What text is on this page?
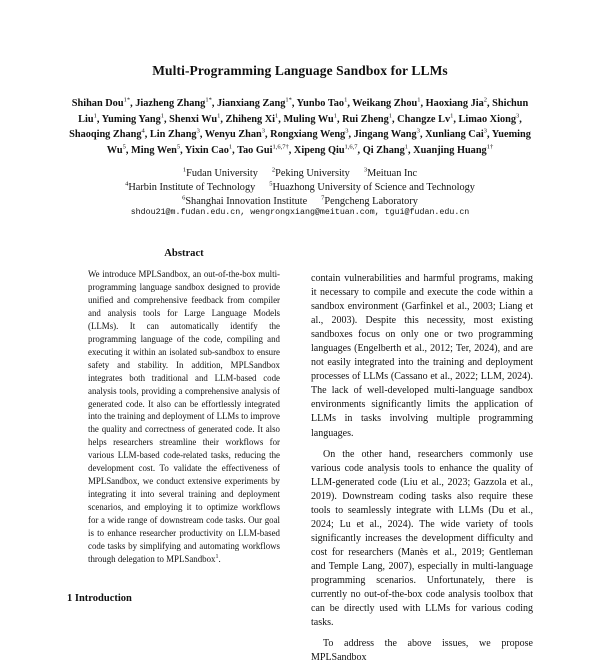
Multi-Programming Language Sandbox for LLMs
Shihan Dou$^{1*}$, Jiazheng Zhang$^{1*}$, Jianxiang Zang$^{1*}$, Yunbo Tao$^1$, Weikang Zhou$^1$, Haoxiang Jia$^2$, Shichun Liu$^1$, Yuming Yang$^1$, Shenxi Wu$^1$, Zhiheng Xi$^1$, Muling Wu$^1$, Rui Zheng$^1$, Changze Lv$^1$, Limao Xiong$^3$, Shaoqing Zhang$^4$, Lin Zhang$^3$, Wenyu Zhan$^3$, Rongxiang Weng$^3$, Jingang Wang$^3$, Xunliang Cai$^3$, Yueming Wu$^5$, Ming Wen$^5$, Yixin Cao$^1$, Tao Gui$^{1,6,7\dagger}$, Xipeng Qiu$^{1,6,7}$, Qi Zhang$^1$, Xuanjing Huang$^{1\dagger}$
$^1$Fudan University $^2$Peking University $^3$Meituan Inc
$^4$Harbin Institute of Technology $^5$Huazhong University of Science and Technology
$^6$Shanghai Innovation Institute $^7$Pengcheng Laboratory
shdou21@m.fudan.edu.cn, wengrongxiang@meituan.com, tgui@fudan.edu.cn
Abstract
We introduce MPLSandbox, an out-of-the-box multi-programming language sandbox designed to provide unified and comprehensive feedback from compiler and analysis tools for Large Language Models (LLMs). It can automatically identify the programming language of the code, compiling and executing it within an isolated sub-sandbox to ensure safety and stability. In addition, MPLSandbox integrates both traditional and LLM-based code analysis tools, providing a comprehensive analysis of generated code. It also can be effortlessly integrated into the training and deployment of LLMs to improve the quality and correctness of generated code. It also helps researchers streamline their workflows for various LLM-based code-related tasks, reducing the development cost. To validate the effectiveness of MPLSandbox, we conduct extensive experiments by integrating it into several training and deployment scenarios, and employing it to optimize workflows for a wide range of downstream code tasks. Our goal is to enhance researcher productivity on LLM-based code tasks by simplifying and automating workflows through delegation to MPLSandbox$^1$.

contain vulnerabilities and harmful programs, making it necessary to compile and execute the code within a sandbox environment (Garfinkel et al., 2003; Liang et al., 2003). Despite this necessity, most existing sandboxes focus on only one or two programming languages (Engelberth et al., 2012; Ter, 2024), and are not easily integrated into the training and deployment processes of LLMs (Cassano et al., 2022; LLM, 2024). The lack of well-developed multi-language sandbox environments significantly limits the application of LLMs in tasks involving multiple programming languages.

On the other hand, researchers commonly use various code analysis tools to enhance the quality of LLM-generated code (Liu et al., 2023; Gazzola et al., 2019). Downstream coding tasks also require these tools to seamlessly integrate with LLMs (Du et al., 2024; Lu et al., 2024). The wide variety of tools significantly increases the development difficulty and cost for researchers (Manès et al., 2019; Gentleman and Temple Lang, 2007), especially in multi-language programming scenarios. Unfortunately, there is currently no out-of-the-box code analysis toolbox that can be directly used with LLMs for various coding tasks.

To address the above issues, we propose MPLSandbox

1 Introduction
